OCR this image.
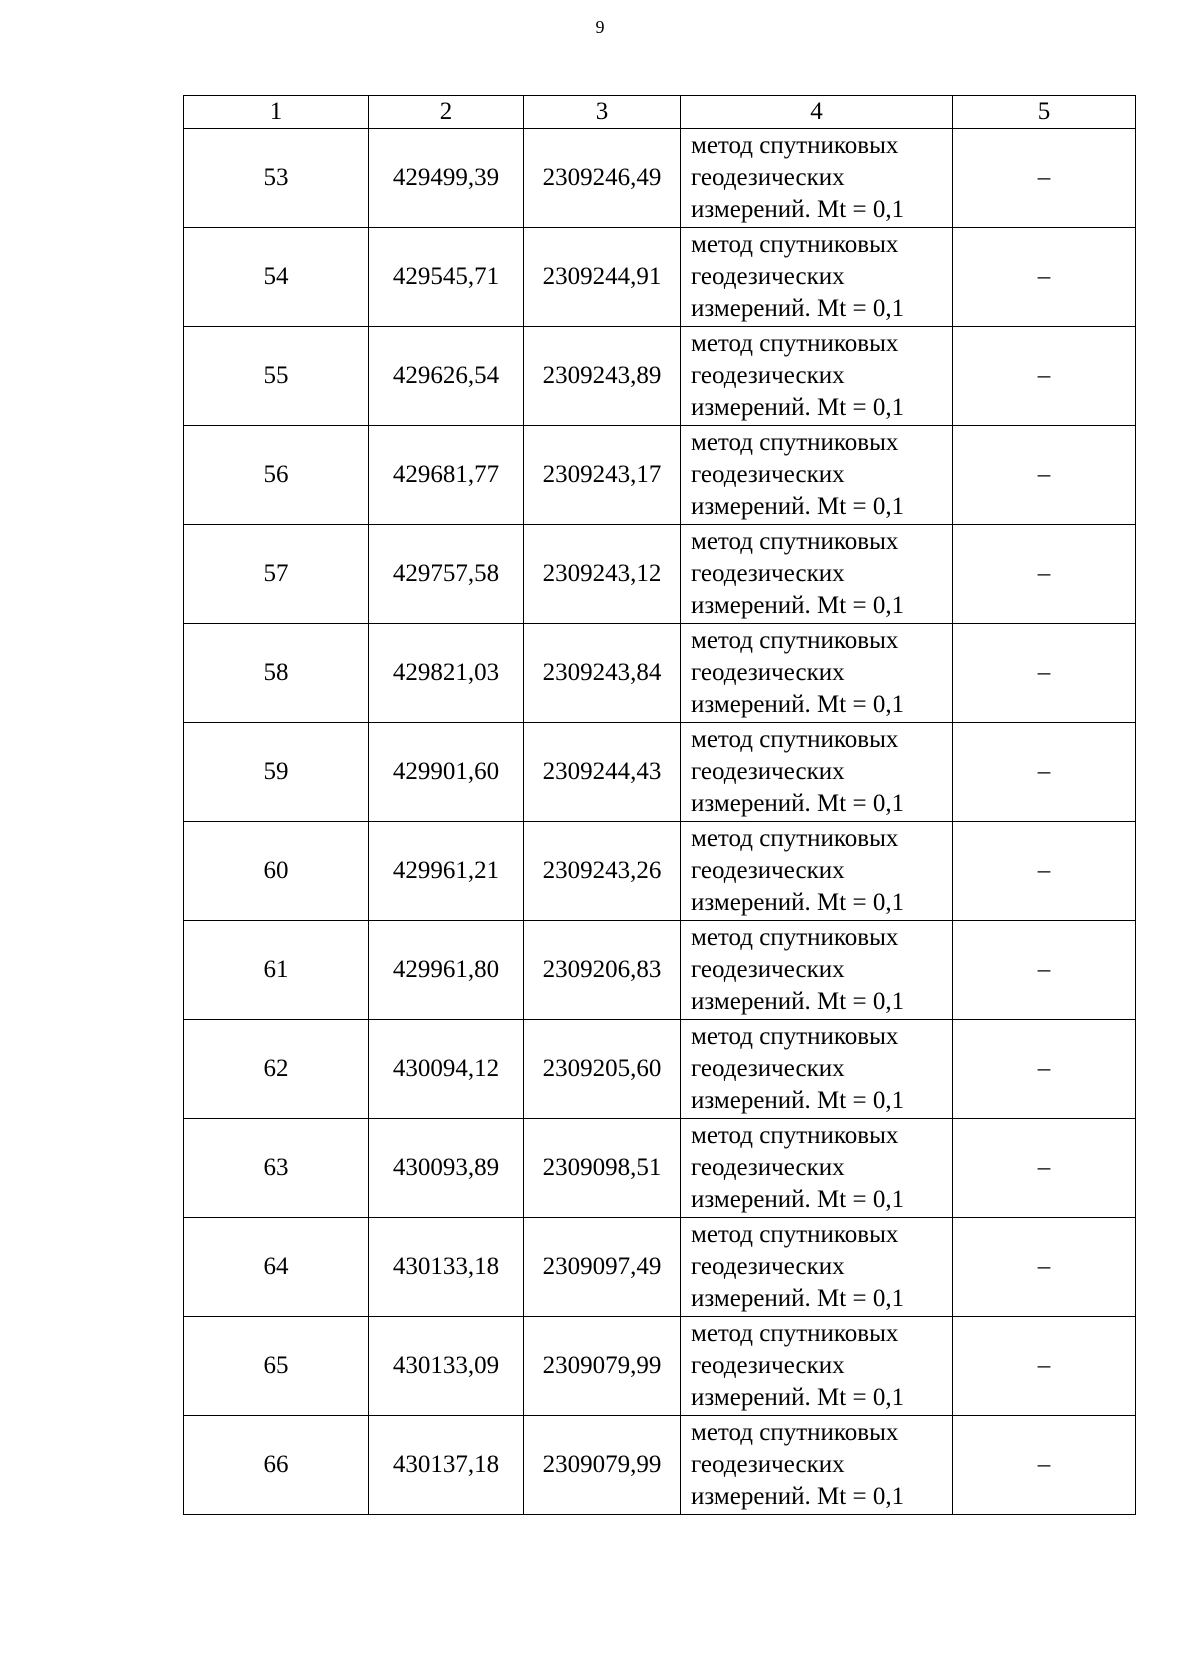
9
1	2	3	4	5
53	429499,39	2309246,49	метод спутниковых
геодезических
измерений. Mt = 0,1	–
54	429545,71	2309244,91	метод спутниковых
геодезических
измерений. Mt = 0,1	–
55	429626,54	2309243,89	метод спутниковых
геодезических
измерений. Mt = 0,1	–
56	429681,77	2309243,17	метод спутниковых
геодезических
измерений. Mt = 0,1	–
57	429757,58	2309243,12	метод спутниковых
геодезических
измерений. Mt = 0,1	–
58	429821,03	2309243,84	метод спутниковых
геодезических
измерений. Mt = 0,1	–
59	429901,60	2309244,43	метод спутниковых
геодезических
измерений. Mt = 0,1	–
60	429961,21	2309243,26	метод спутниковых
геодезических
измерений. Mt = 0,1	–
61	429961,80	2309206,83	метод спутниковых
геодезических
измерений. Mt = 0,1	–
62	430094,12	2309205,60	метод спутниковых
геодезических
измерений. Mt = 0,1	–
63	430093,89	2309098,51	метод спутниковых
геодезических
измерений. Mt = 0,1	–
64	430133,18	2309097,49	метод спутниковых
геодезических
измерений. Mt = 0,1	–
65	430133,09	2309079,99	метод спутниковых
геодезических
измерений. Mt = 0,1	–
66	430137,18	2309079,99	метод спутниковых
геодезических
измерений. Mt = 0,1	–
